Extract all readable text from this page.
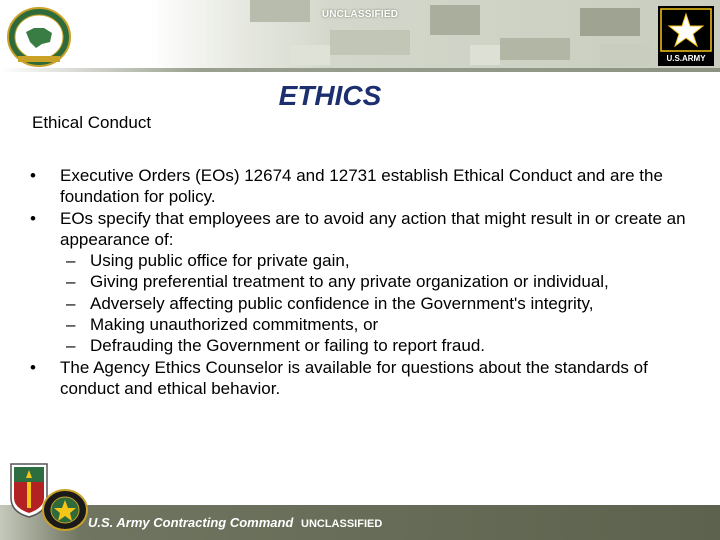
UNCLASSIFIED
U.S.ARMY
ETHICS
Ethical Conduct
•	Executive Orders (EOs) 12674 and 12731 establish Ethical Conduct and are the foundation for policy.
•	EOs specify that employees are to avoid any action that might result in or create an appearance of:
– Using public office for private gain,
– Giving preferential treatment to any private organization or individual,
– Adversely affecting public confidence in the Government's integrity,
– Making unauthorized commitments, or
– Defrauding the Government or failing to report fraud.
•	The Agency Ethics Counselor is available for questions about the standards of conduct and ethical behavior.
U.S. Army Contracting Command UNCLASSIFIED
